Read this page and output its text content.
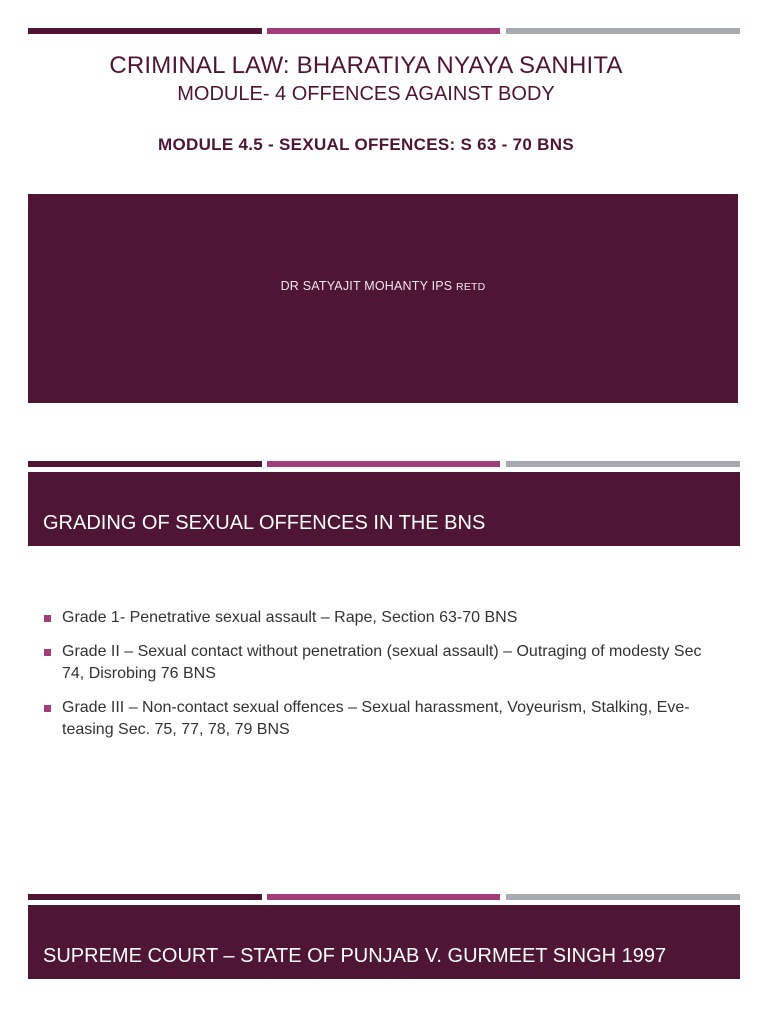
CRIMINAL LAW: BHARATIYA NYAYA SANHITA
MODULE- 4 OFFENCES AGAINST BODY
MODULE 4.5 - SEXUAL OFFENCES: S 63 - 70 BNS
DR SATYAJIT MOHANTY IPS RETD
GRADING OF SEXUAL OFFENCES IN THE BNS
Grade 1- Penetrative sexual assault – Rape, Section 63-70 BNS
Grade II – Sexual contact without penetration (sexual assault) – Outraging of modesty Sec 74, Disrobing 76 BNS
Grade III – Non-contact sexual offences – Sexual harassment, Voyeurism, Stalking, Eve-teasing Sec. 75, 77, 78, 79 BNS
SUPREME COURT – STATE OF PUNJAB V. GURMEET SINGH 1997
